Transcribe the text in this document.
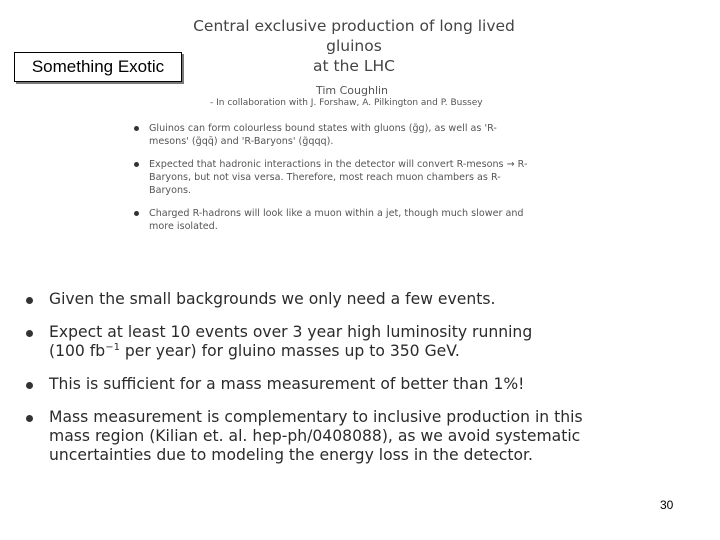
Something Exotic
Central exclusive production of long lived gluinos
at the LHC
Tim Coughlin
- In collaboration with J. Forshaw, A. Pilkington and P. Bussey
Gluinos can form colourless bound states with gluons (g̃g), as well as 'R-mesons' (g̃qq̄) and 'R-Baryons' (g̃qqq).
Expected that hadronic interactions in the detector will convert R-mesons → R-Baryons, but not visa versa. Therefore, most reach muon chambers as R-Baryons.
Charged R-hadrons will look like a muon within a jet, though much slower and more isolated.
Given the small backgrounds we only need a few events.
Expect at least 10 events over 3 year high luminosity running
(100 $fb^{-1}$ per year) for gluino masses up to 350 GeV.
This is sufficient for a mass measurement of better than 1%!
Mass measurement is complementary to inclusive production in this
mass region (Kilian et. al. hep-ph/0408088), as we avoid systematic
uncertainties due to modeling the energy loss in the detector.
30
